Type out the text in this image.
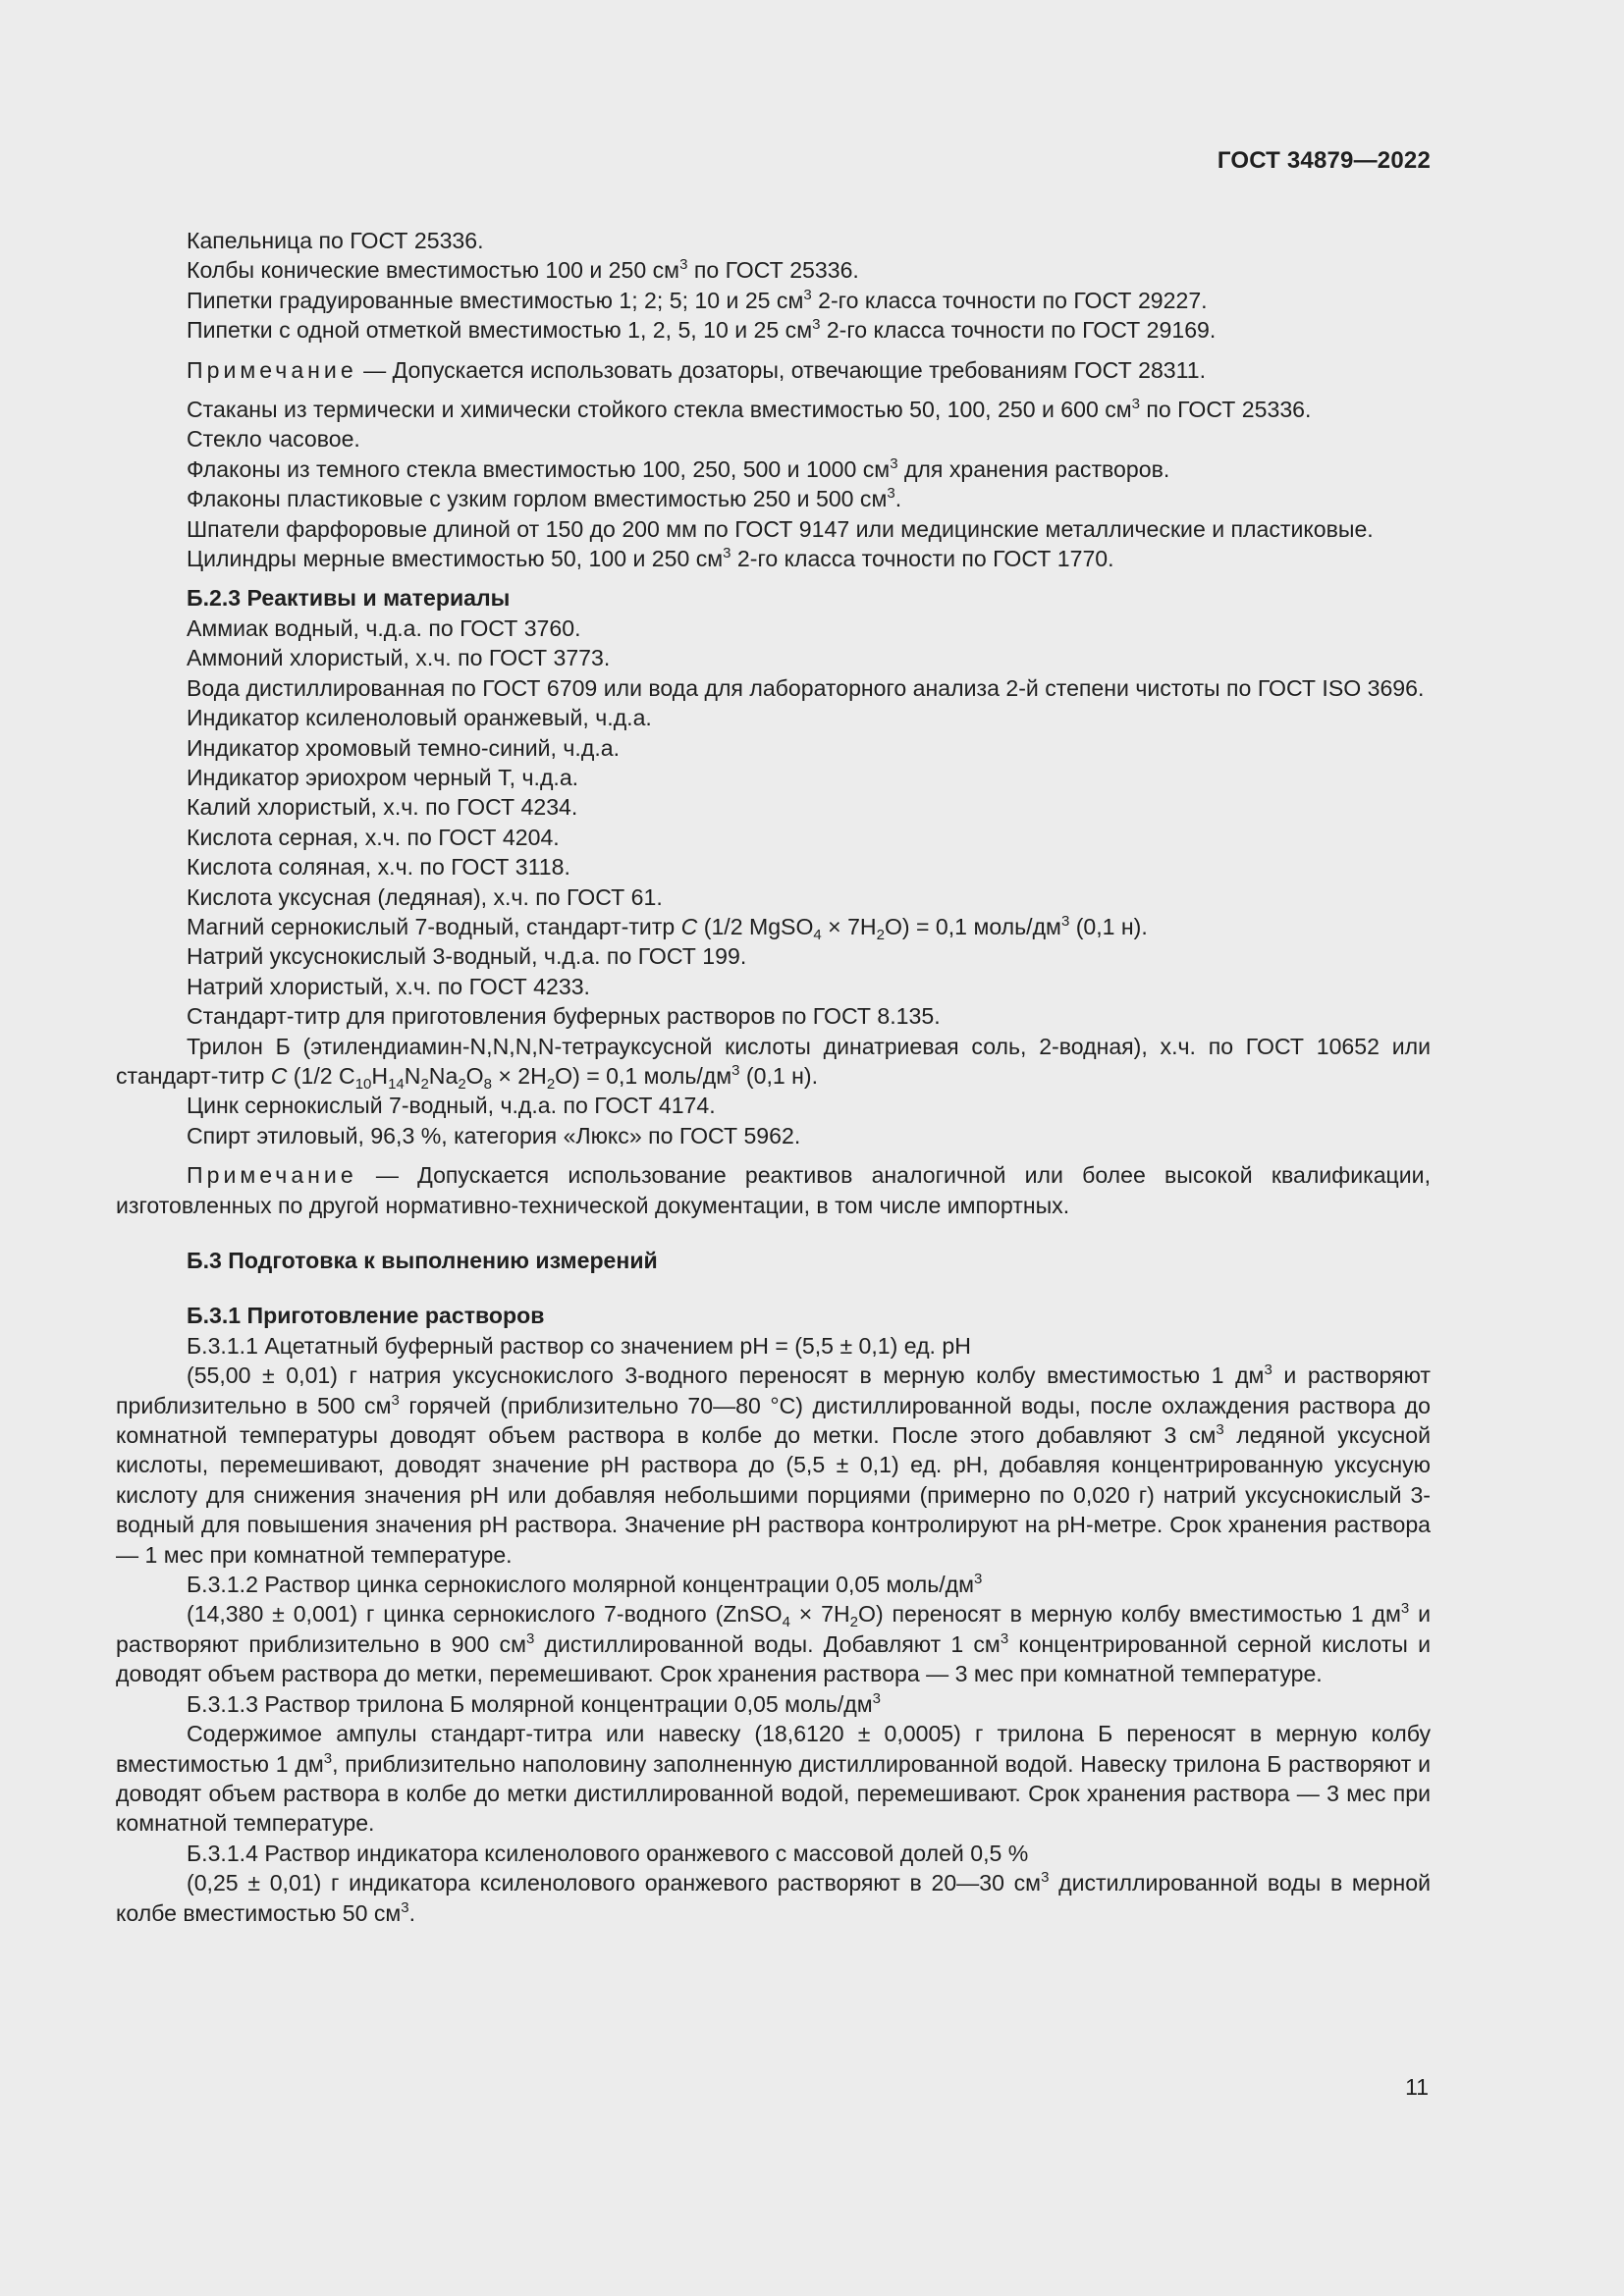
ГОСТ 34879—2022

Капельница по ГОСТ 25336.

Колбы конические вместимостью 100 и 250 $см^3$ по ГОСТ 25336.

Пипетки градуированные вместимостью 1; 2; 5; 10 и 25 $см^3$ 2-го класса точности по ГОСТ 29227.

Пипетки с одной отметкой вместимостью 1, 2, 5, 10 и 25 $см^3$ 2-го класса точности по ГОСТ 29169.

Примечание — Допускается использовать дозаторы, отвечающие требованиям ГОСТ 28311.

Стаканы из термически и химически стойкого стекла вместимостью 50, 100, 250 и 600 $см^3$ по ГОСТ 25336.

Стекло часовое.

Флаконы из темного стекла вместимостью 100, 250, 500 и 1000 $см^3$ для хранения растворов.

Флаконы пластиковые с узким горлом вместимостью 250 и 500 $см^3$.

Шпатели фарфоровые длиной от 150 до 200 мм по ГОСТ 9147 или медицинские металлические и пластиковые.

Цилиндры мерные вместимостью 50, 100 и 250 $см^3$ 2-го класса точности по ГОСТ 1770.

Б.2.3 Реактивы и материалы

Аммиак водный, ч.д.а. по ГОСТ 3760.

Аммоний хлористый, х.ч. по ГОСТ 3773.

Вода дистиллированная по ГОСТ 6709 или вода для лабораторного анализа 2-й степени чистоты по ГОСТ ISO 3696.

Индикатор ксиленоловый оранжевый, ч.д.а.

Индикатор хромовый темно-синий, ч.д.а.

Индикатор эриохром черный Т, ч.д.а.

Калий хлористый, х.ч. по ГОСТ 4234.

Кислота серная, х.ч. по ГОСТ 4204.

Кислота соляная, х.ч. по ГОСТ 3118.

Кислота уксусная (ледяная), х.ч. по ГОСТ 61.

Магний сернокислый 7-водный, стандарт-титр C (1/2 MgSO$_4$ × $7H_2O) = 0,1$ моль/$дм^3$ (0,1 н).

Натрий уксуснокислый 3-водный, ч.д.а. по ГОСТ 199.

Натрий хлористый, х.ч. по ГОСТ 4233.

Стандарт-титр для приготовления буферных растворов по ГОСТ 8.135.

Трилон Б (этилендиамин-N,N,N,N-тетрауксусной кислоты динатриевая соль, 2-водная), х.ч. по ГОСТ 10652 или стандарт-титр C (1/2 $C_{10}H_{14}N_2Na_2O_8 \times 2H_2O) = 0,1$ моль/$дм^3$ (0,1 н).

Цинк сернокислый 7-водный, ч.д.а. по ГОСТ 4174.

Спирт этиловый, 96,3 %, категория «Люкс» по ГОСТ 5962.

Примечание — Допускается использование реактивов аналогичной или более высокой квалификации, изготовленных по другой нормативно-технической документации, в том числе импортных.

Б.3 Подготовка к выполнению измерений

Б.3.1 Приготовление растворов

Б.3.1.1 Ацетатный буферный раствор со значением pH = (5,5 ± 0,1) ед. pH

(55,00 ± 0,01) г натрия уксуснокислого 3-водного переносят в мерную колбу вместимостью 1 $дм^3$ и растворяют приблизительно в 500 $см^3$ горячей (приблизительно 70—80 °С) дистиллированной воды, после охлаждения раствора до комнатной температуры доводят объем раствора в колбе до метки. После этого добавляют 3 $см^3$ ледяной уксусной кислоты, перемешивают, доводят значение pH раствора до (5,5 ± 0,1) ед. pH, добавляя концентрированную уксусную кислоту для снижения значения pH или добавляя небольшими порциями (примерно по 0,020 г) натрий уксуснокислый 3-водный для повышения значения pH раствора. Значение pH раствора контролируют на pH-метре. Срок хранения раствора — 1 мес при комнатной температуре.

Б.3.1.2 Раствор цинка сернокислого молярной концентрации 0,05 моль/$дм^3$

(14,380 ± 0,001) г цинка сернокислого 7-водного (ZnSO$_4$ × $7H_2O$) переносят в мерную колбу вместимостью 1 $дм^3$ и растворяют приблизительно в 900 $см^3$ дистиллированной воды. Добавляют 1 $см^3$ концентрированной серной кислоты и доводят объем раствора до метки, перемешивают. Срок хранения раствора — 3 мес при комнатной температуре.

Б.3.1.3 Раствор трилона Б молярной концентрации 0,05 моль/$дм^3$

Содержимое ампулы стандарт-титра или навеску (18,6120 ± 0,0005) г трилона Б переносят в мерную колбу вместимостью 1 $дм^3$, приблизительно наполовину заполненную дистиллированной водой. Навеску трилона Б растворяют и доводят объем раствора в колбе до метки дистиллированной водой, перемешивают. Срок хранения раствора — 3 мес при комнатной температуре.

Б.3.1.4 Раствор индикатора ксиленолового оранжевого с массовой долей 0,5 %

(0,25 ± 0,01) г индикатора ксиленолового оранжевого растворяют в 20—30 $см^3$ дистиллированной воды в мерной колбе вместимостью 50 $см^3$.

11
